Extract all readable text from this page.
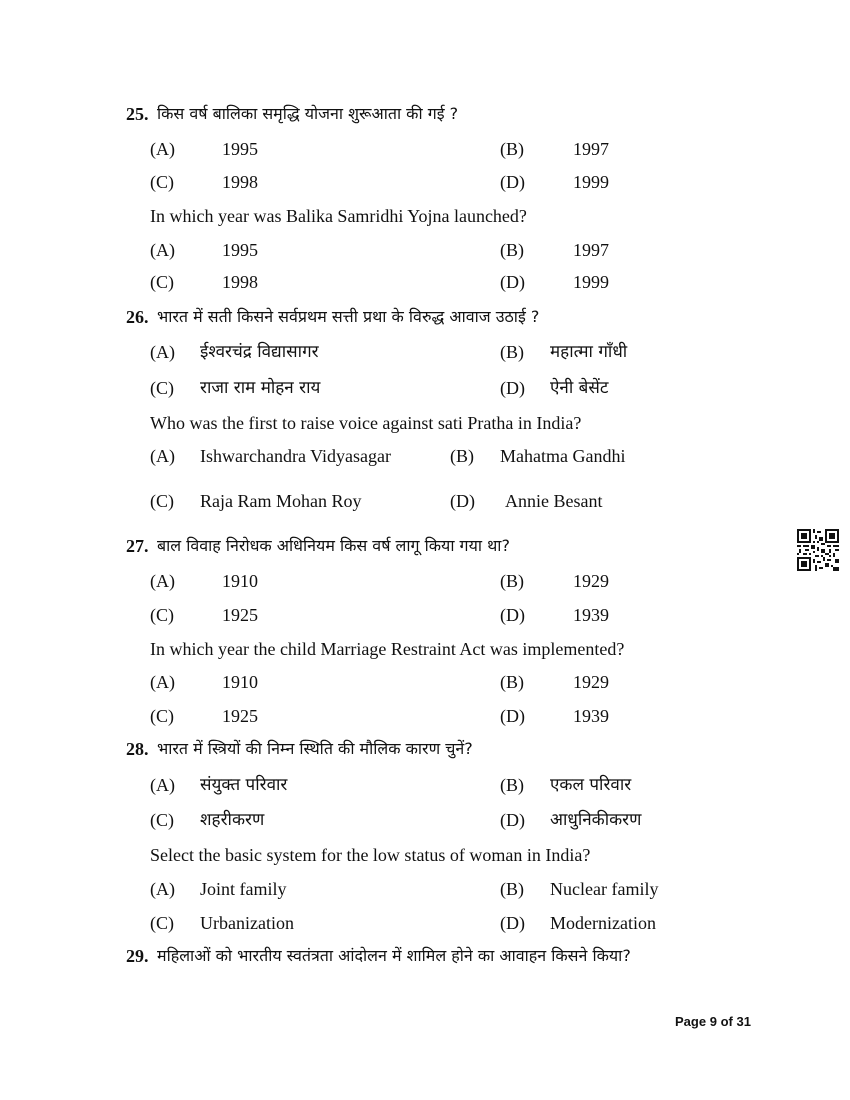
25. किस वर्ष बालिका समृद्धि योजना शुरूआता की गई ?
(A)	1995	(B)	1997
(C)	1998	(D)	1999
In which year was Balika Samridhi Yojna launched?
(A)	1995	(B)	1997
(C)	1998	(D)	1999
26. भारत में सती किसने सर्वप्रथम सत्ती प्रथा के विरुद्ध आवाज उठाई ?
(A) ईश्वरचंद्र विद्यासागर	(B) महात्मा गाँधी
(C) राजा राम मोहन राय	(D) ऐनी बेसेंट
Who was the first to raise voice against sati Pratha in India?
(A) Ishwarchandra Vidyasagar	(B) Mahatma Gandhi
(C) Raja Ram Mohan Roy	(D) Annie Besant
27. बाल विवाह निरोधक अधिनियम किस वर्ष लागू किया गया था?
(A)	1910	(B)	1929
(C)	1925	(D)	1939
In which year the child Marriage Restraint Act was implemented?
(A)	1910	(B)	1929
(C)	1925	(D)	1939
28. भारत में स्त्रियों की निम्न स्थिति की मौलिक कारण चुनें?
(A) संयुक्त परिवार	(B) एकल परिवार
(C) शहरीकरण	(D) आधुनिकीकरण
Select the basic system for the low status of woman in India?
(A) Joint family	(B) Nuclear family
(C) Urbanization	(D) Modernization
29. महिलाओं को भारतीय स्वतंत्रता आंदोलन में शामिल होने का आवाहन किसने किया?
Page 9 of 31
